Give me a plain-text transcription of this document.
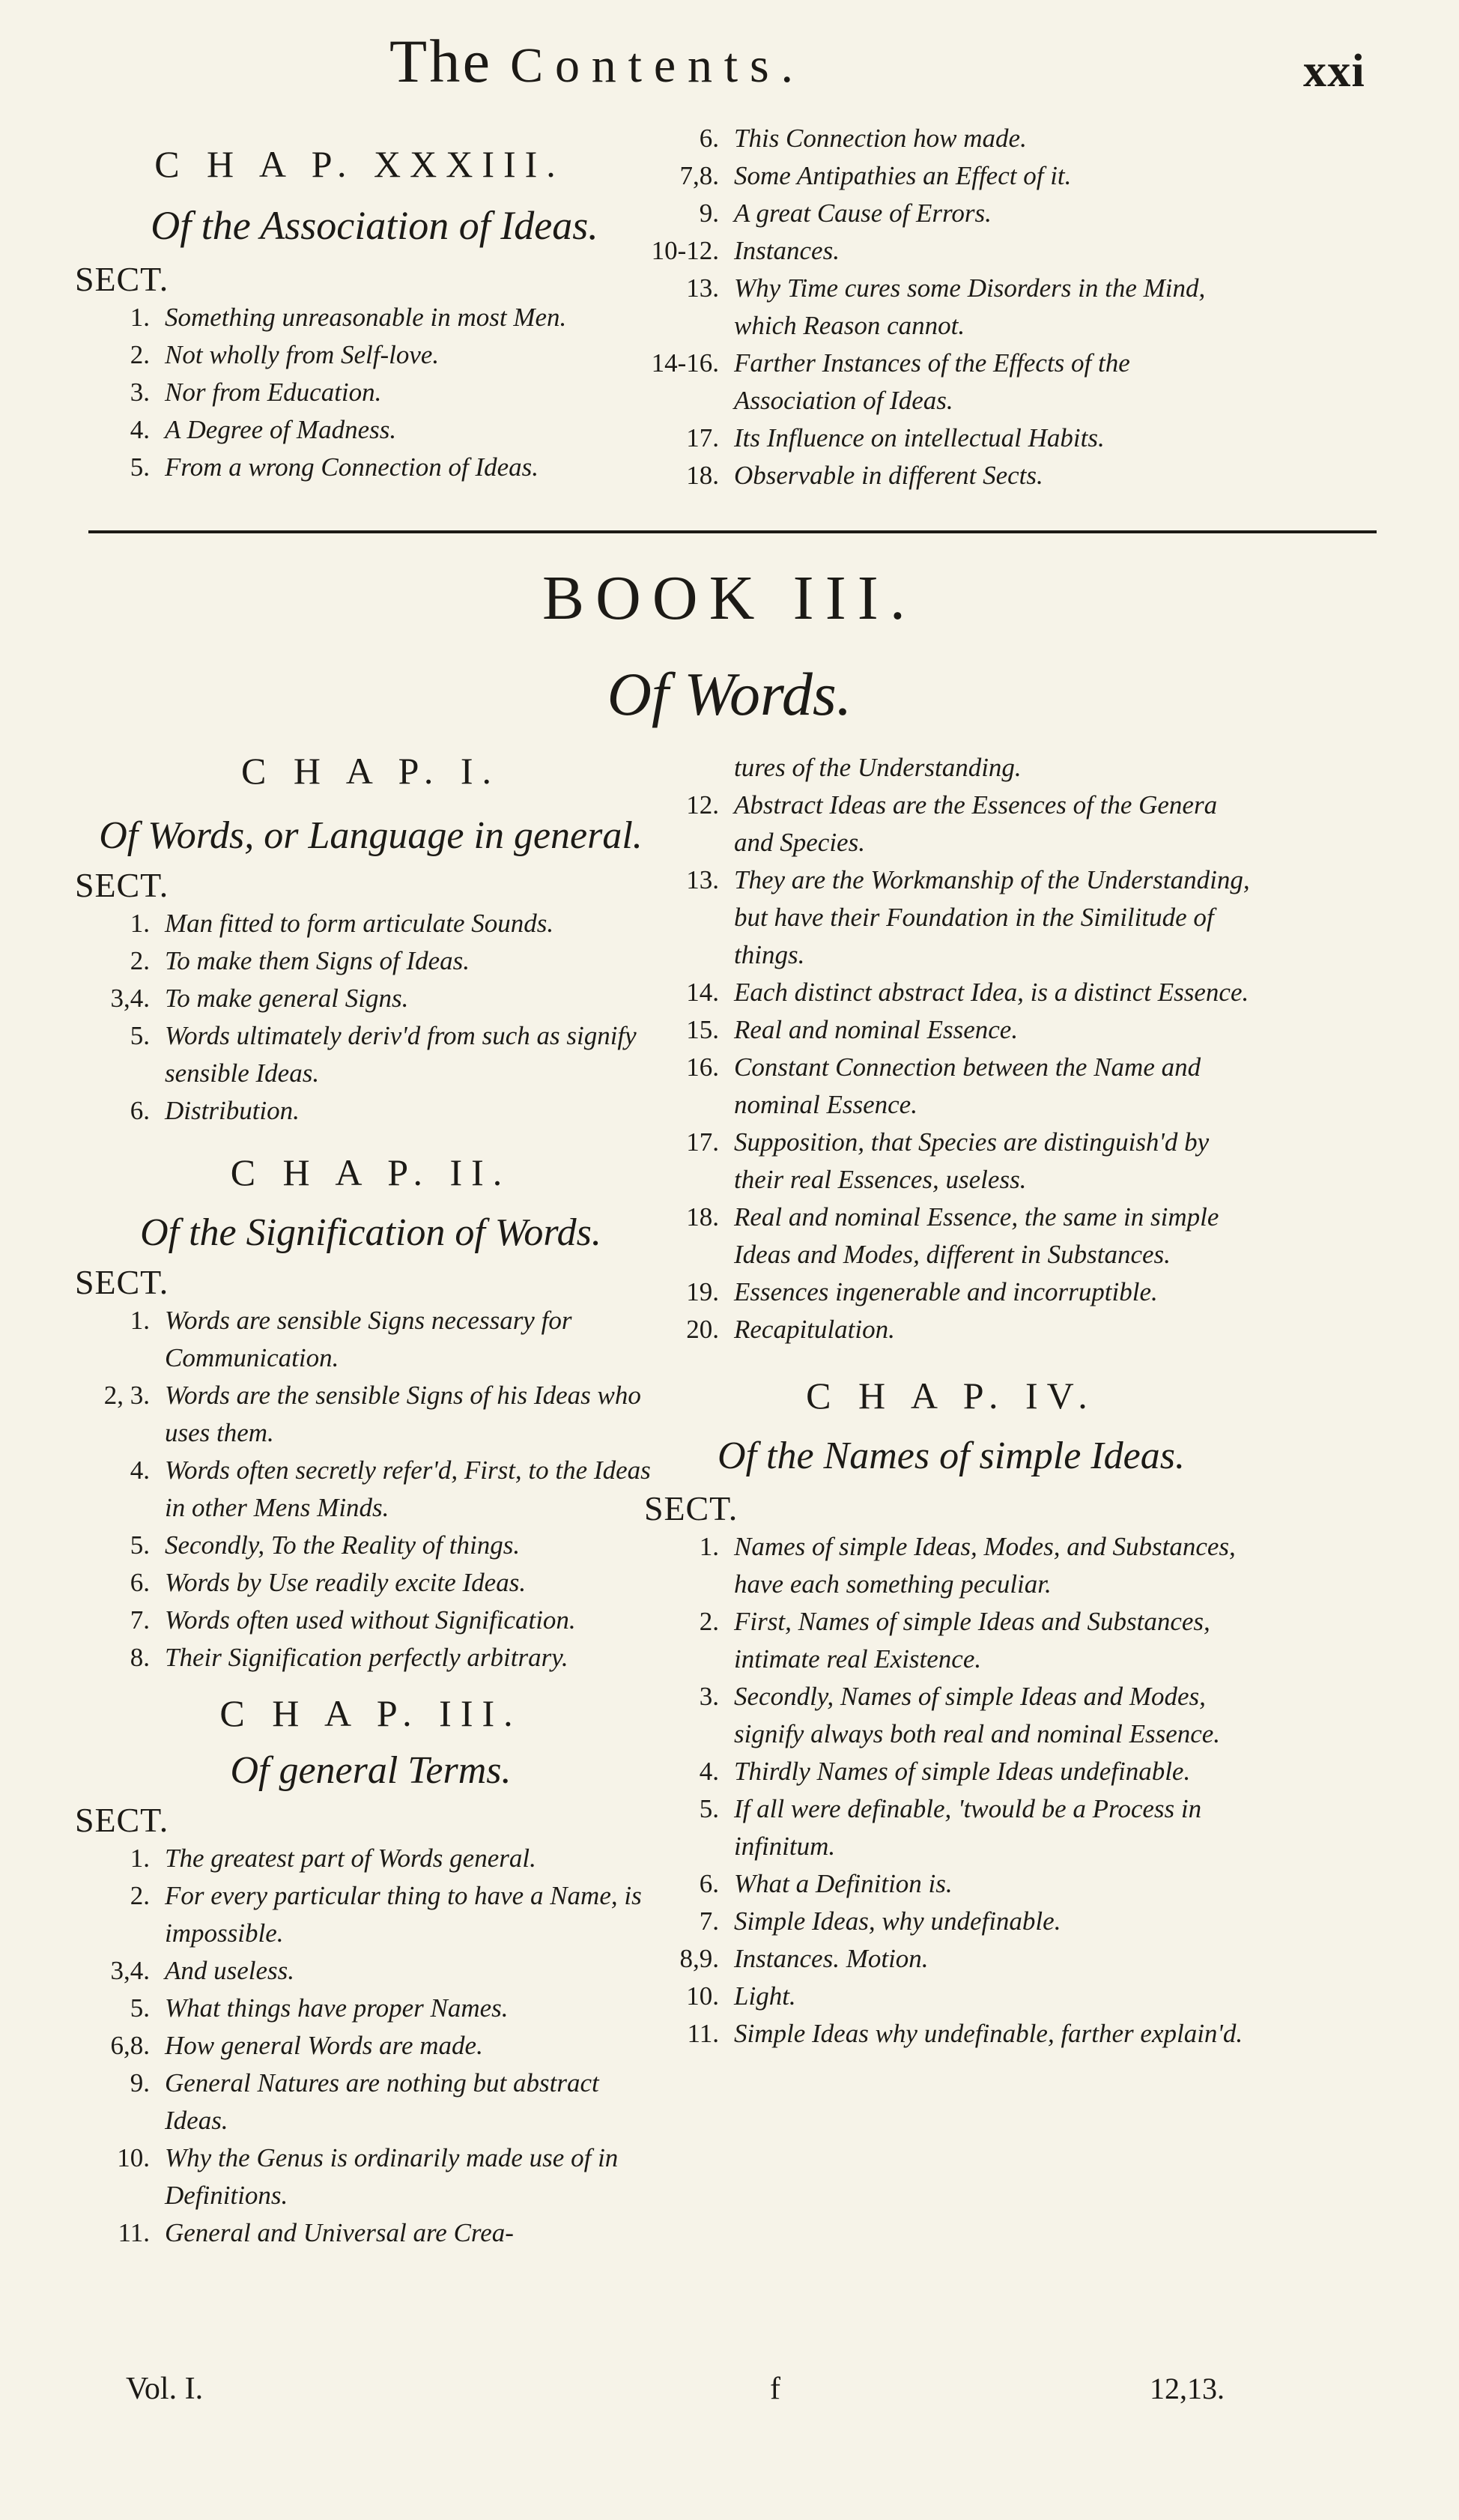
The Contents.	xxi
C H A P. XXXIII.
Of the Association of Ideas.
SECT.
1. Something unreasonable in most Men.
2. Not wholly from Self-love.
3. Nor from Education.
4. A Degree of Madness.
5. From a wrong Connection of Ideas.
6. This Connection how made.
7,8. Some Antipathies an Effect of it.
9. A great Cause of Errors.
10-12. Instances.
13. Why Time cures some Disorders in the Mind, which Reason cannot.
14-16. Farther Instances of the Effects of the Association of Ideas.
17. Its Influence on intellectual Habits.
18. Observable in different Sects.
BOOK III.
Of Words.
C H A P. I.
Of Words, or Language in general.
SECT.
1. Man fitted to form articulate Sounds.
2. To make them Signs of Ideas.
3,4. To make general Signs.
5. Words ultimately deriv'd from such as signify sensible Ideas.
6. Distribution.
C H A P. II.
Of the Signification of Words.
SECT.
1. Words are sensible Signs necessary for Communication.
2, 3. Words are the sensible Signs of his Ideas who uses them.
4. Words often secretly refer'd, First, to the Ideas in other Mens Minds.
5. Secondly, To the Reality of things.
6. Words by Use readily excite Ideas.
7. Words often used without Signification.
8. Their Signification perfectly arbitrary.
C H A P. III.
Of general Terms.
SECT.
1. The greatest part of Words general.
2. For every particular thing to have a Name, is impossible.
3,4. And useless.
5. What things have proper Names.
6,8. How general Words are made.
9. General Natures are nothing but abstract Ideas.
10. Why the Genus is ordinarily made use of in Definitions.
11. General and Universal are Crea-
tures of the Understanding.
12. Abstract Ideas are the Essences of the Genera and Species.
13. They are the Workmanship of the Understanding, but have their Foundation in the Similitude of things.
14. Each distinct abstract Idea, is a distinct Essence.
15. Real and nominal Essence.
16. Constant Connection between the Name and nominal Essence.
17. Supposition, that Species are distinguish'd by their real Essences, useless.
18. Real and nominal Essence, the same in simple Ideas and Modes, different in Substances.
19. Essences ingenerable and incorruptible.
20. Recapitulation.
C H A P. IV.
Of the Names of simple Ideas.
SECT.
1. Names of simple Ideas, Modes, and Substances, have each something peculiar.
2. First, Names of simple Ideas and Substances, intimate real Existence.
3. Secondly, Names of simple Ideas and Modes, signify always both real and nominal Essence.
4. Thirdly Names of simple Ideas undefinable.
5. If all were definable, 'twould be a Process in infinitum.
6. What a Definition is.
7. Simple Ideas, why undefinable.
8,9. Instances. Motion.
10. Light.
11. Simple Ideas why undefinable, farther explain'd.
Vol. I.	f	12,13.
